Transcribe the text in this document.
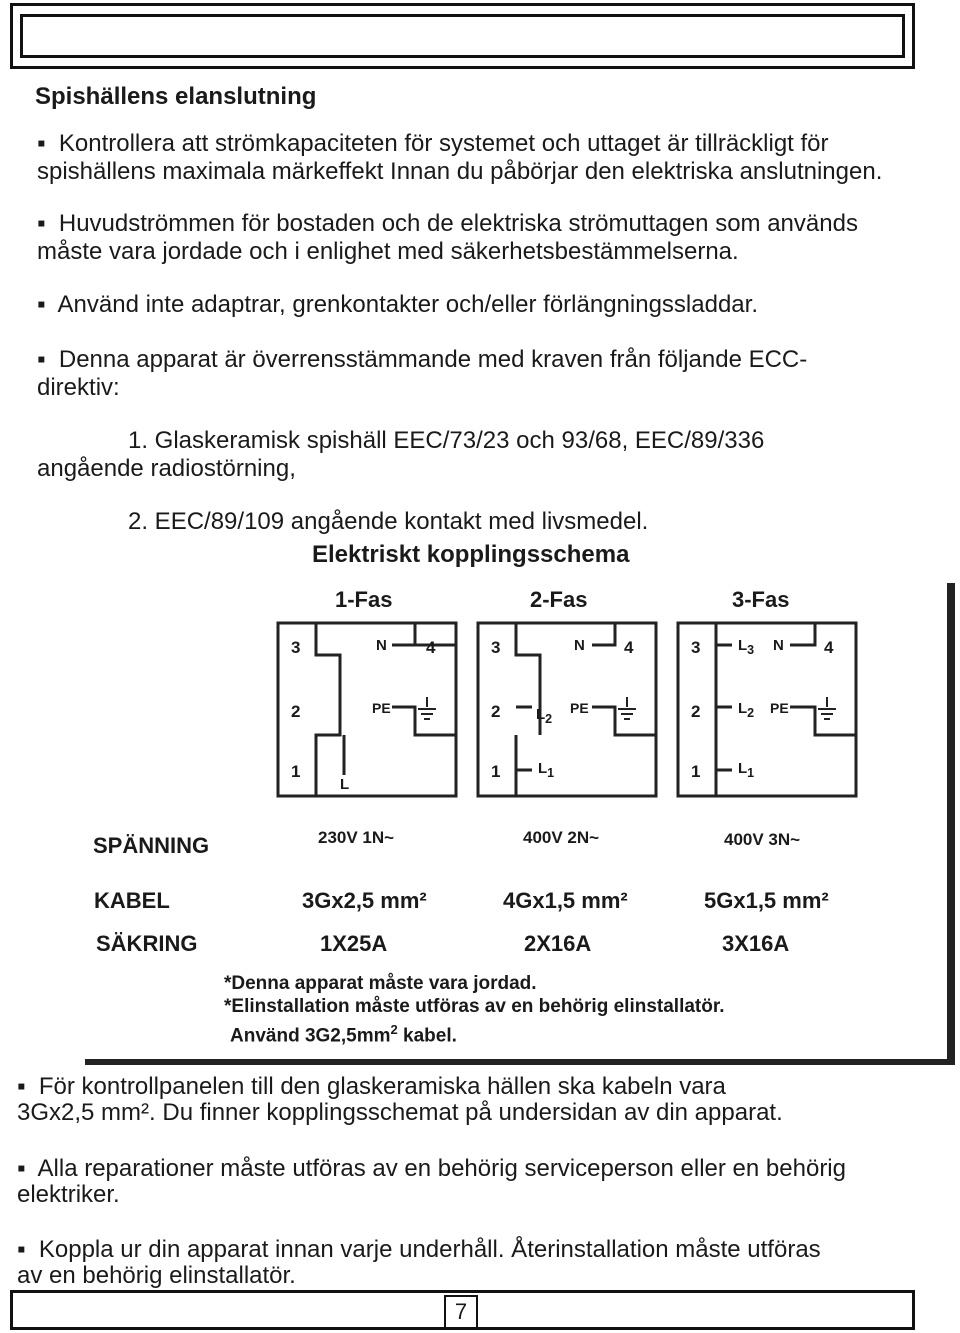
Spishällens elanslutning
▪ Kontrollera att strömkapaciteten för systemet och uttaget är tillräckligt för
spishällens maximala märkeffekt Innan du påbörjar den elektriska anslutningen.
▪ Huvudströmmen för bostaden och de elektriska strömuttagen som används
måste vara jordade och i enlighet med säkerhetsbestämmelserna.
▪ Använd inte adaptrar, grenkontakter och/eller förlängningssladdar.
▪ Denna apparat är överrensstämmande med kraven från följande ECC-
direktiv:
1. Glaskeramisk spishäll EEC/73/23 och 93/68, EEC/89/336
angående radiostörning,
2. EEC/89/109 angående kontakt med livsmedel.
Elektriskt kopplingsschema
1-Fas	2-Fas	3-Fas
3	N 4
2	PE
1
L
3	N 4
2 $L_2$
PE
1	$L_1$
3	$L_3$ N 4
2	$L_2$ PE
1	$L_1$
SPÄNNING	230V 1N~	400V 2N~	400V 3N~
KABEL	3Gx2,5 mm²	4Gx1,5 mm²	5Gx1,5 mm²
SÄKRING	1X25A	2X16A	3X16A
*Denna apparat måste vara jordad.
*Elinstallation måste utföras av en behörig elinstallatör.
Använd $3G2,5mm^2$ kabel.
▪ För kontrollpanelen till den glaskeramiska hällen ska kabeln vara
3Gx2,5 mm². Du finner kopplingsschemat på undersidan av din apparat.
▪ Alla reparationer måste utföras av en behörig serviceperson eller en behörig
elektriker.
▪ Koppla ur din apparat innan varje underhåll. Återinstallation måste utföras
av en behörig elinstallatör.
7
